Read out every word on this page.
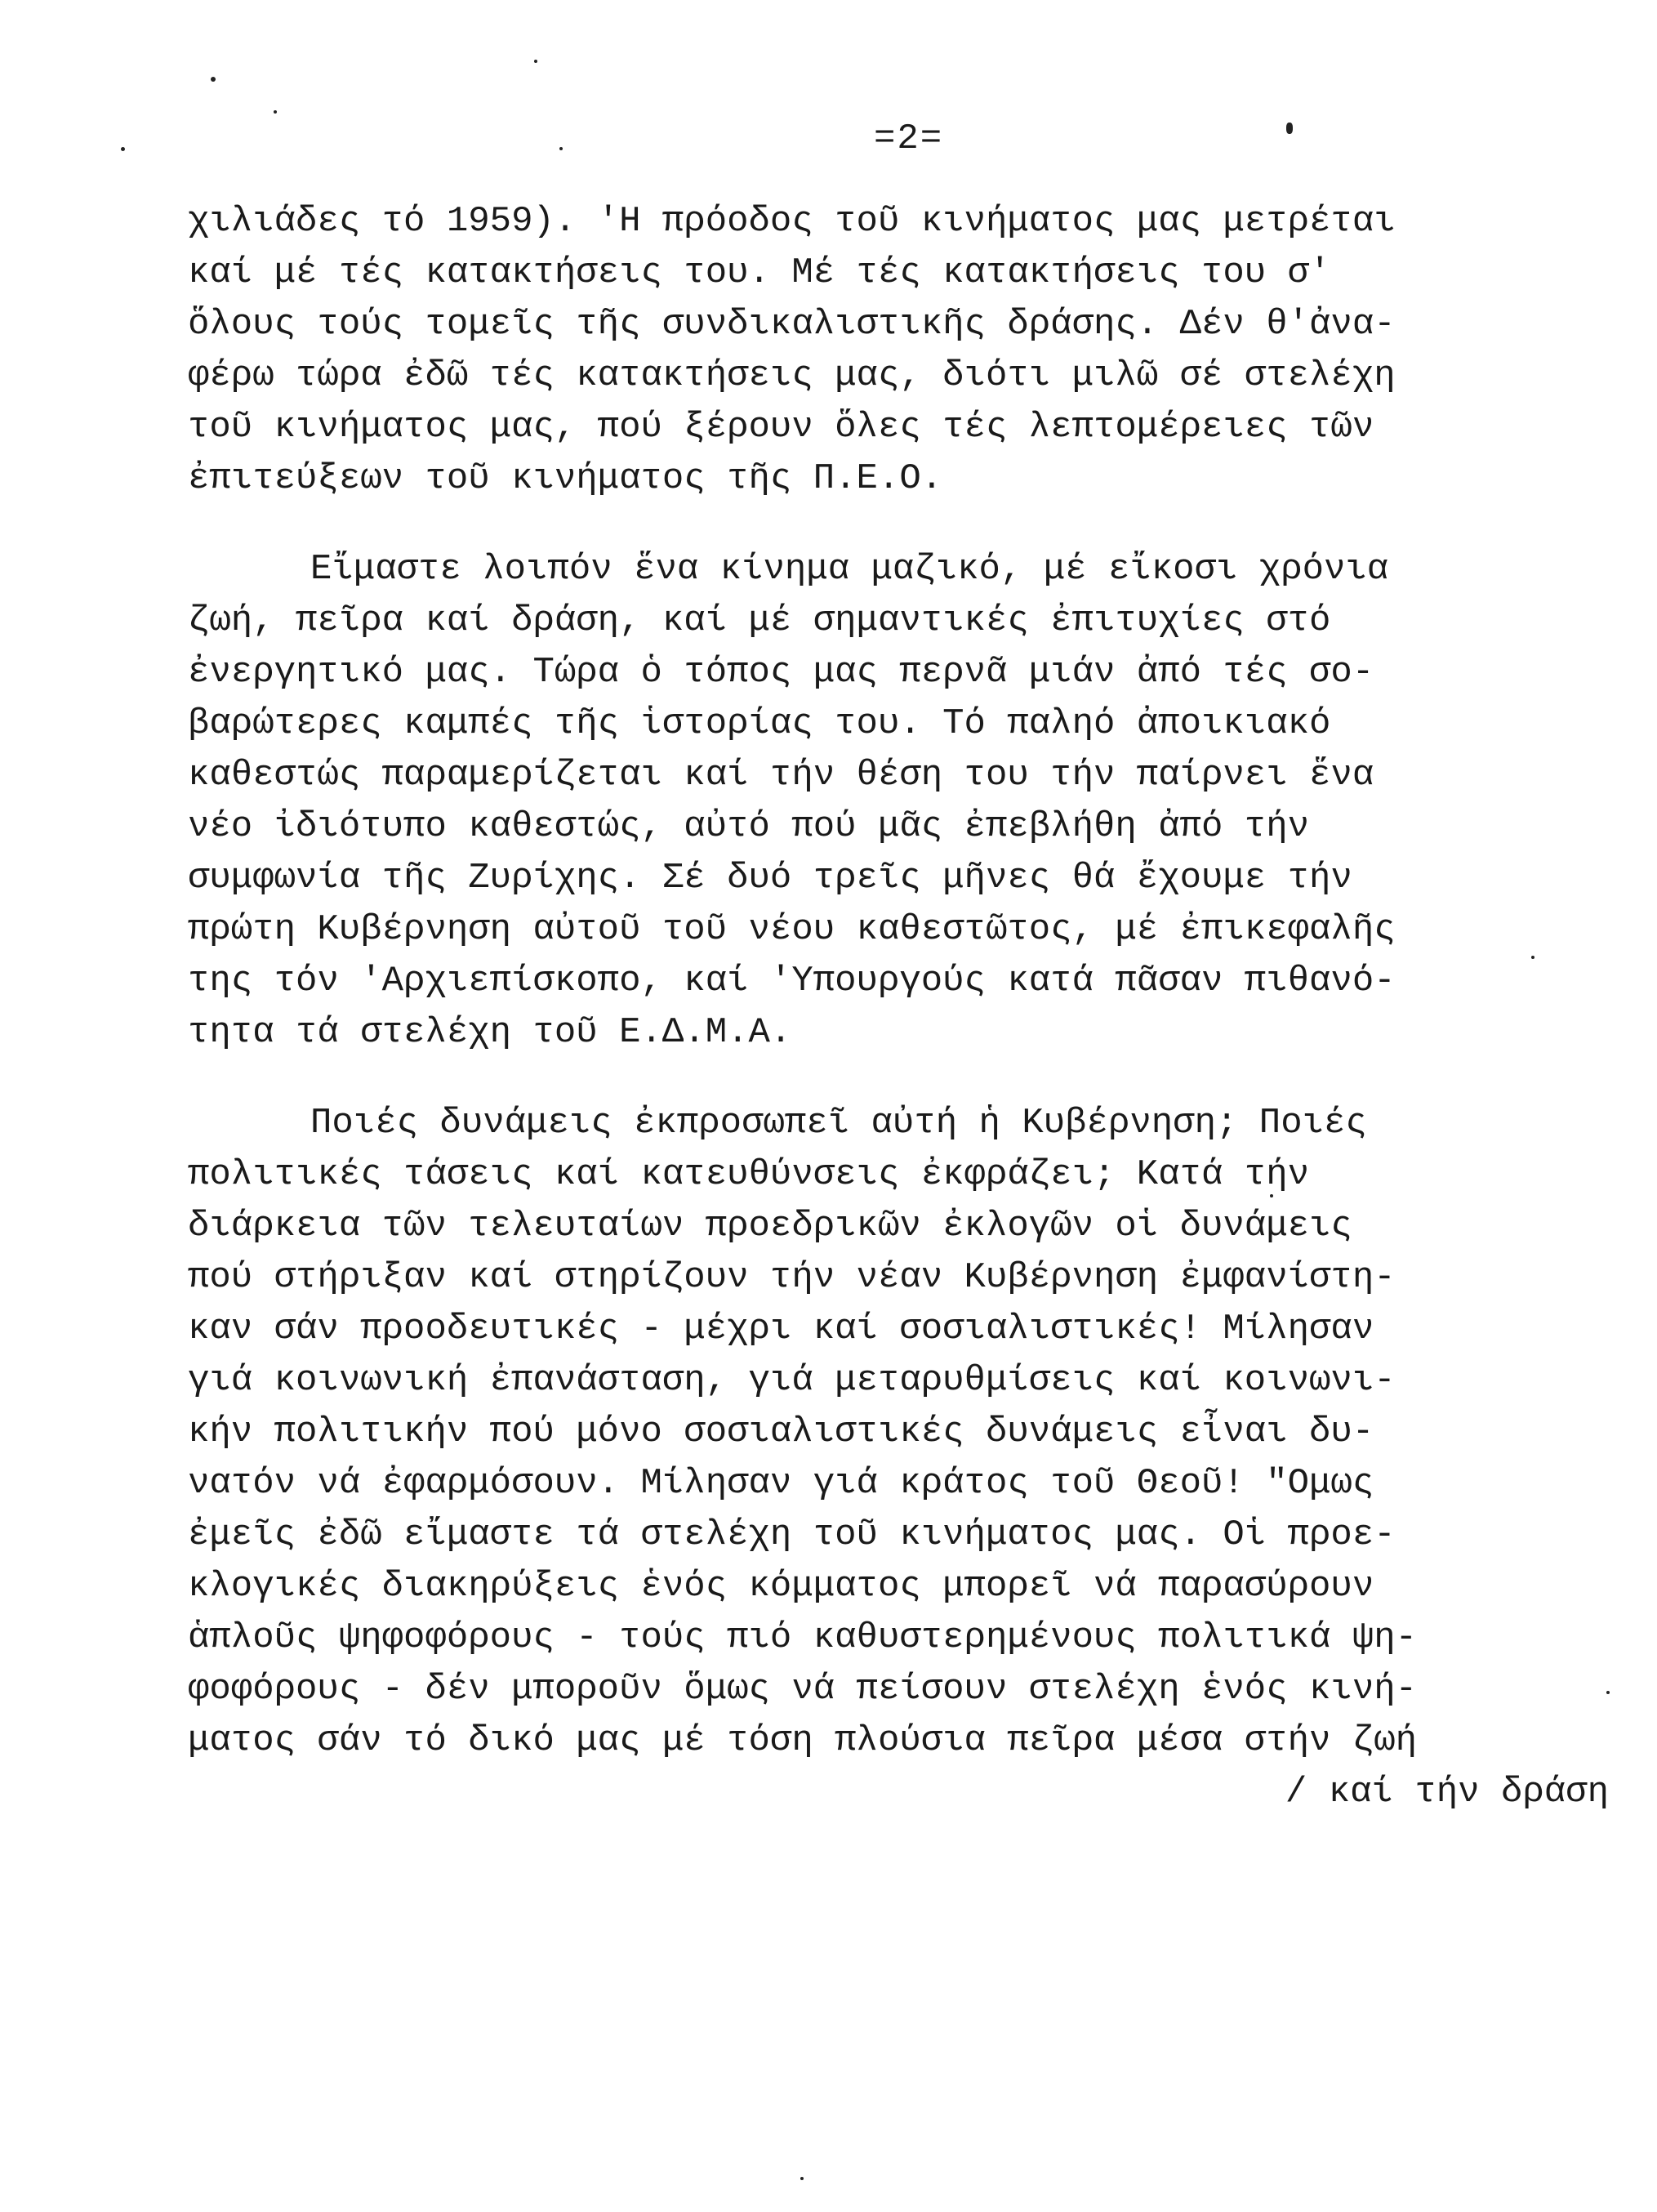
=2=
χιλιάδες τό 1959). 'Η πρόοδος τοῦ κινήματος μας μετρέται
καί μέ τές κατακτήσεις του. Μέ τές κατακτήσεις του σ'
ὅλους τούς τομεῖς τῆς συνδικαλιστικῆς δράσης. Δέν θ'ἀνα-
φέρω τώρα ἐδῶ τές κατακτήσεις μας, διότι μιλῶ σέ στελέχη
τοῦ κινήματος μας, πού ξέρουν ὅλες τές λεπτομέρειες τῶν
ἐπιτεύξεων τοῦ κινήματος τῆς Π.Ε.Ο.
Εἴμαστε λοιπόν ἕνα κίνημα μαζικό, μέ εἴκοσι χρόνια
ζωή, πεῖρα καί δράση, καί μέ σημαντικές ἐπιτυχίες στό
ἐνεργητικό μας. Τώρα ὁ τόπος μας περνᾶ μιάν ἀπό τές σο-
βαρώτερες καμπές τῆς ἱστορίας του. Τό παληό ἀποικιακό
καθεστώς παραμερίζεται καί τήν θέση του τήν παίρνει ἕνα
νέο ἰδιότυπο καθεστώς, αὐτό πού μᾶς ἐπεβλήθη ἀπό τήν
συμφωνία τῆς Ζυρίχης. Σέ δυό τρεῖς μῆνες θά ἔχουμε τήν
πρώτη Κυβέρνηση αὐτοῦ τοῦ νέου καθεστῶτος, μέ ἐπικεφαλῆς
της τόν 'Αρχιεπίσκοπο, καί 'Υπουργούς κατά πᾶσαν πιθανό-
τητα τά στελέχη τοῦ Ε.Δ.Μ.Α.
Ποιές δυνάμεις ἐκπροσωπεῖ αὐτή ἡ Κυβέρνηση; Ποιές
πολιτικές τάσεις καί κατευθύνσεις ἐκφράζει; Κατά τήν
διάρκεια τῶν τελευταίων προεδρικῶν ἐκλογῶν οἱ δυνάμεις
πού στήριξαν καί στηρίζουν τήν νέαν Κυβέρνηση ἐμφανίστη-
καν σάν προοδευτικές - μέχρι καί σοσιαλιστικές! Μίλησαν
γιά κοινωνική ἐπανάσταση, γιά μεταρυθμίσεις καί κοινωνι-
κήν πολιτικήν πού μόνο σοσιαλιστικές δυνάμεις εἶναι δυ-
νατόν νά ἐφαρμόσουν. Μίλησαν γιά κράτος τοῦ Θεοῦ! "Ομως
ἐμεῖς ἐδῶ εἴμαστε τά στελέχη τοῦ κινήματος μας. Οἱ προε-
κλογικές διακηρύξεις ἑνός κόμματος μπορεῖ νά παρασύρουν
ἁπλοῦς ψηφοφόρους - τούς πιό καθυστερημένους πολιτικά ψη-
φοφόρους - δέν μποροῦν ὅμως νά πείσουν στελέχη ἑνός κινή-
ματος σάν τό δικό μας μέ τόση πλούσια πεῖρα μέσα στήν ζωή
/ καί τήν δράση
